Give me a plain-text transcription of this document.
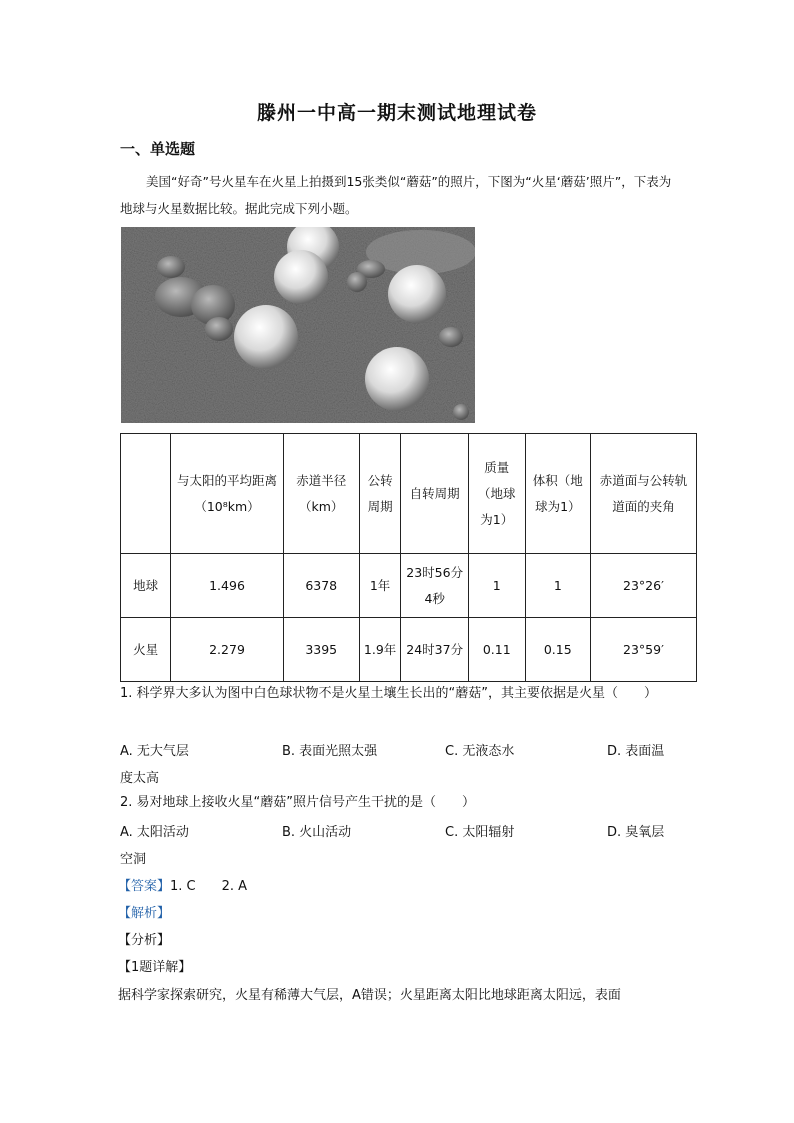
滕州一中高一期末测试地理试卷
一、单选题
美国“好奇”号火星车在火星上拍摄到15张类似“蘑菇”的照片，下图为“火星‘蘑菇’照片”，下表为地球与火星数据比较。据此完成下列小题。
	与太阳的平均距离（10⁸km）	赤道半径（km）	公转周期	自转周期	质量（地球为1）	体积（地球为1）	赤道面与公转轨道面的夹角
地球	1.496	6378	1年	23时56分4秒	1	1	23°26′
火星	2.279	3395	1.9年	24时37分	0.11	0.15	23°59′
1. 科学界大多认为图中白色球状物不是火星土壤生长出的“蘑菇”，其主要依据是火星（　　）
A. 无大气层	B. 表面光照太强	C. 无液态水	D. 表面温
度太高
2. 易对地球上接收火星“蘑菇”照片信号产生干扰的是（　　）
A. 太阳活动	B. 火山活动	C. 太阳辐射	D. 臭氧层
空洞
【答案】1. C　　2. A
【解析】
【分析】
【1题详解】
据科学家探索研究，火星有稀薄大气层，A错误；火星距离太阳比地球距离太阳远，表面
